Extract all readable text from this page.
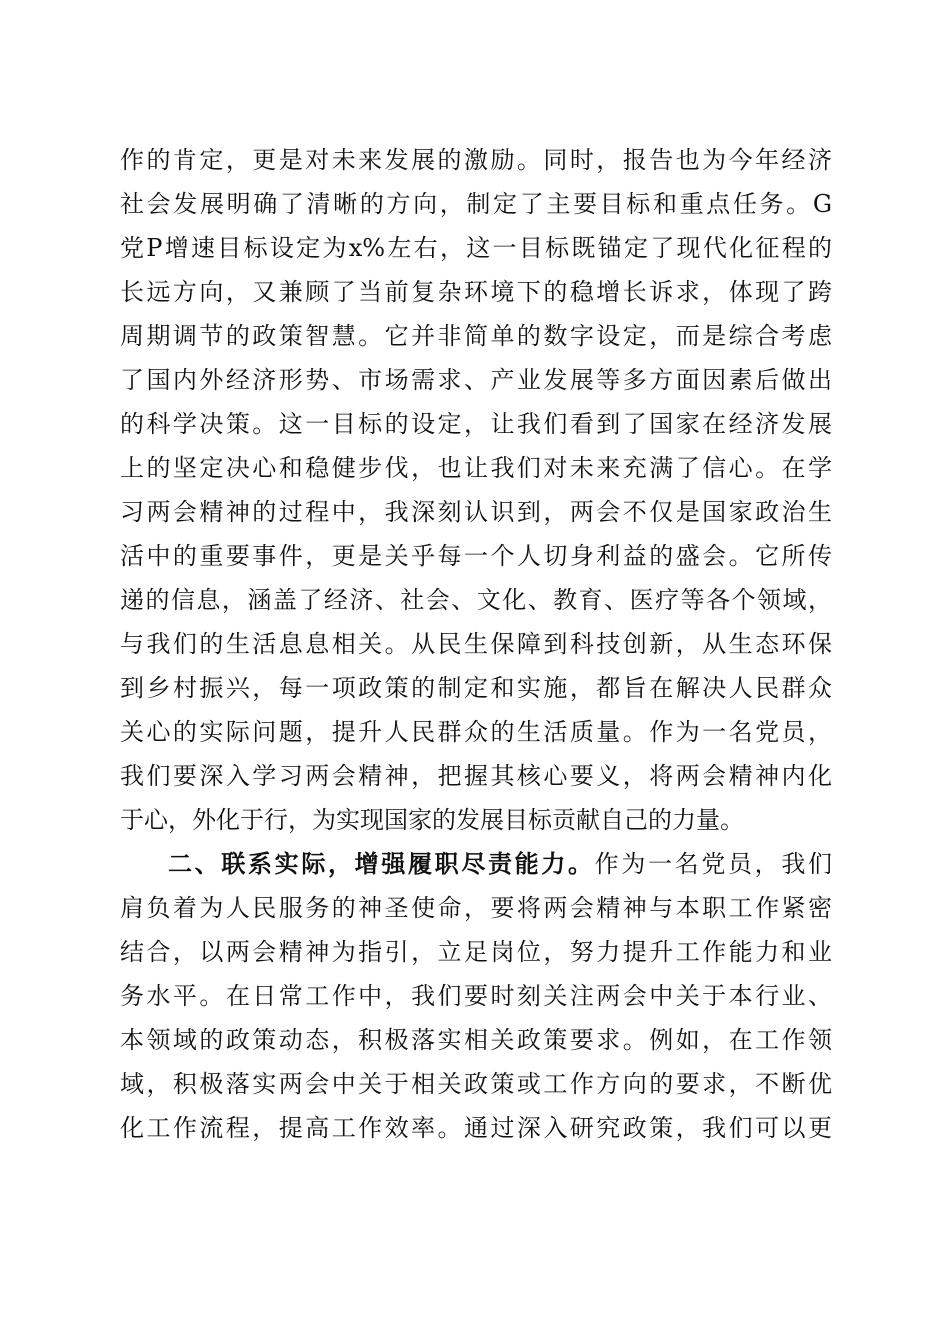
作的肯定，更是对未来发展的激励。同时，报告也为今年经济
社会发展明确了清晰的方向，制定了主要目标和重点任务。G
党P增速目标设定为x%左右，这一目标既锚定了现代化征程的
长远方向，又兼顾了当前复杂环境下的稳增长诉求，体现了跨
周期调节的政策智慧。它并非简单的数字设定，而是综合考虑
了国内外经济形势、市场需求、产业发展等多方面因素后做出
的科学决策。这一目标的设定，让我们看到了国家在经济发展
上的坚定决心和稳健步伐，也让我们对未来充满了信心。在学
习两会精神的过程中，我深刻认识到，两会不仅是国家政治生
活中的重要事件，更是关乎每一个人切身利益的盛会。它所传
递的信息，涵盖了经济、社会、文化、教育、医疗等各个领域，
与我们的生活息息相关。从民生保障到科技创新，从生态环保
到乡村振兴，每一项政策的制定和实施，都旨在解决人民群众
关心的实际问题，提升人民群众的生活质量。作为一名党员，
我们要深入学习两会精神，把握其核心要义，将两会精神内化
于心，外化于行，为实现国家的发展目标贡献自己的力量。
二、联系实际，增强履职尽责能力。作为一名党员，我们
肩负着为人民服务的神圣使命，要将两会精神与本职工作紧密
结合，以两会精神为指引，立足岗位，努力提升工作能力和业
务水平。在日常工作中，我们要时刻关注两会中关于本行业、
本领域的政策动态，积极落实相关政策要求。例如，在工作领
域，积极落实两会中关于相关政策或工作方向的要求，不断优
化工作流程，提高工作效率。通过深入研究政策，我们可以更
